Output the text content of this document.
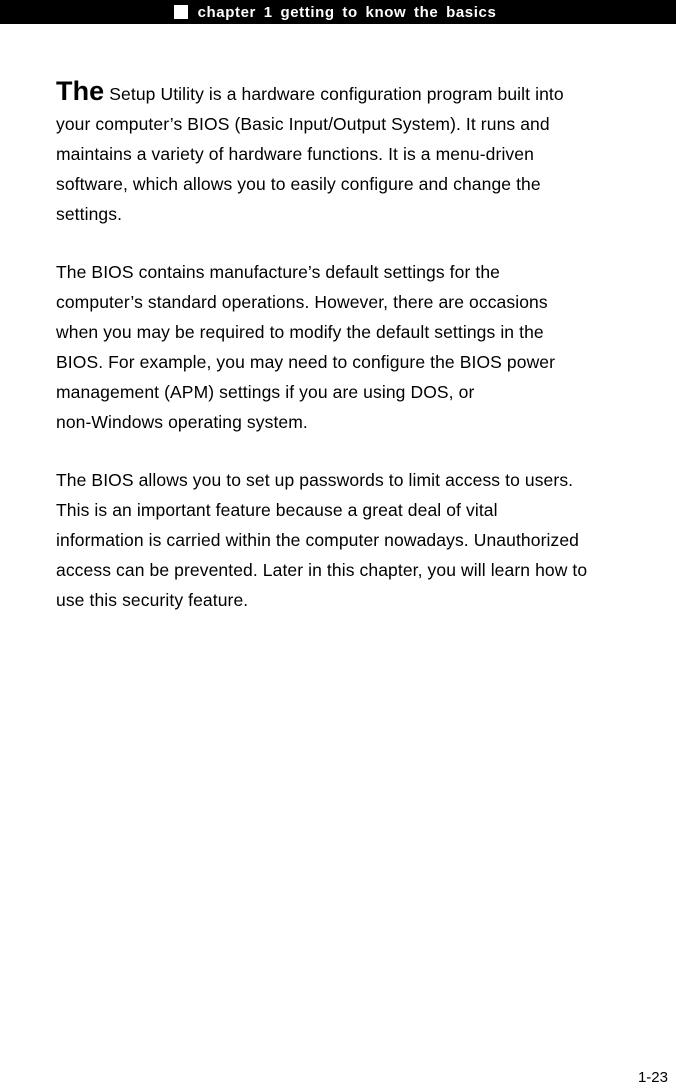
chapter 1 getting to know the basics

The Setup Utility is a hardware configuration program built into
your computer’s BIOS (Basic Input/Output System). It runs and
maintains a variety of hardware functions. It is a menu-driven
software, which allows you to easily configure and change the
settings.

The BIOS contains manufacture’s default settings for the
computer’s standard operations. However, there are occasions
when you may be required to modify the default settings in the
BIOS. For example, you may need to configure the BIOS power
management (APM) settings if you are using DOS, or
non-Windows operating system.

The BIOS allows you to set up passwords to limit access to users.
This is an important feature because a great deal of vital
information is carried within the computer nowadays. Unauthorized
access can be prevented. Later in this chapter, you will learn how to
use this security feature.

1-23
